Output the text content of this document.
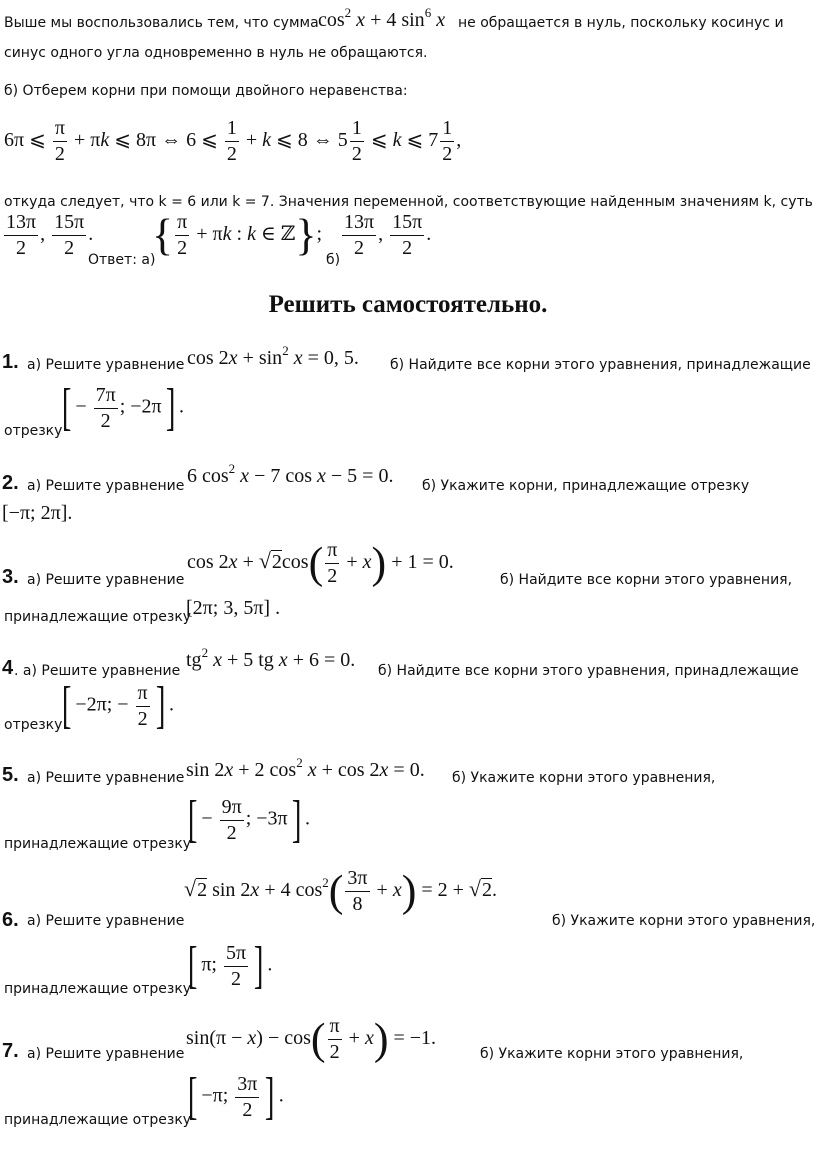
Выше мы воспользовались тем, что сумма $\cos^2 x + 4$ $\sin^6 x$ не обращается в нуль, поскольку косинус и
синус одного угла одновременно в нуль не обращаются.
б) Отберем корни при помощи двойного неравенства:
6π ⩽ $\frac{\pi}{2} + \pi k$ ⩽ 8π ⇔ 6 ⩽ $\frac{1}{2} + k$ ⩽ 8 ⇔ $5 \frac{1}{2}$ ⩽ k ⩽ $7 \frac{1}{2}$ ,
откуда следует, что k = 6 или k = 7. Значения переменной, соответствующие найденным значениям k, суть
$\frac{13\pi}{2}$ , $\frac{15\pi}{2}$ .
Ответ: а)
{ $\frac{\pi}{2} + \pi k$ : k ∈ ℤ};
б)
$\frac{13\pi}{2}$ , $\frac{15\pi}{2}$ .
Решить самостоятельно.
1. а) Решите уравнение $\cos 2x + \sin^2 x = 0$, 5. б) Найдите все корни этого уравнения, принадлежащие
отрезку [ − $\frac{7\pi}{2}$ ; −2π] .
2. а) Решите уравнение 6 $\cos^2 x - 7$ cos x − 5 = 0. б) Укажите корни, принадлежащие отрезку
[−π; 2π].
3. а) Решите уравнение
$\cos 2x + √2\cos( \frac{\pi}{2} + x) + 1 = 0$.
б) Найдите все корни этого уравнения,
принадлежащие отрезку
[2π; 3, 5π] .
4 . а) Решите уравнение $tg^2$ x + 5 tg x + 6 = 0. б) Найдите все корни этого уравнения, принадлежащие
отрезку [ −2π; − $\frac{\pi}{2}$ ] .
5. а) Решите уравнение sin 2x + 2 $\cos^2 x + \cos 2x = 0$. б) Укажите корни этого уравнения,
принадлежащие отрезку
[ − $\frac{9\pi}{2}$ ; −3π] .
6. а) Решите уравнение
√2 sin 2x + 4 $\cos^2( \frac{3\pi}{8} + x) = 2 + √2$.
б) Укажите корни этого уравнения,
принадлежащие отрезку
[ π; $\frac{5\pi}{2}$ ] .
7. а) Решите уравнение
$\sin(\pi - x) - \cos( \frac{\pi}{2} + x) = -1$.
б) Укажите корни этого уравнения,
принадлежащие отрезку
[ −π; $\frac{3\pi}{2}$ ] .
